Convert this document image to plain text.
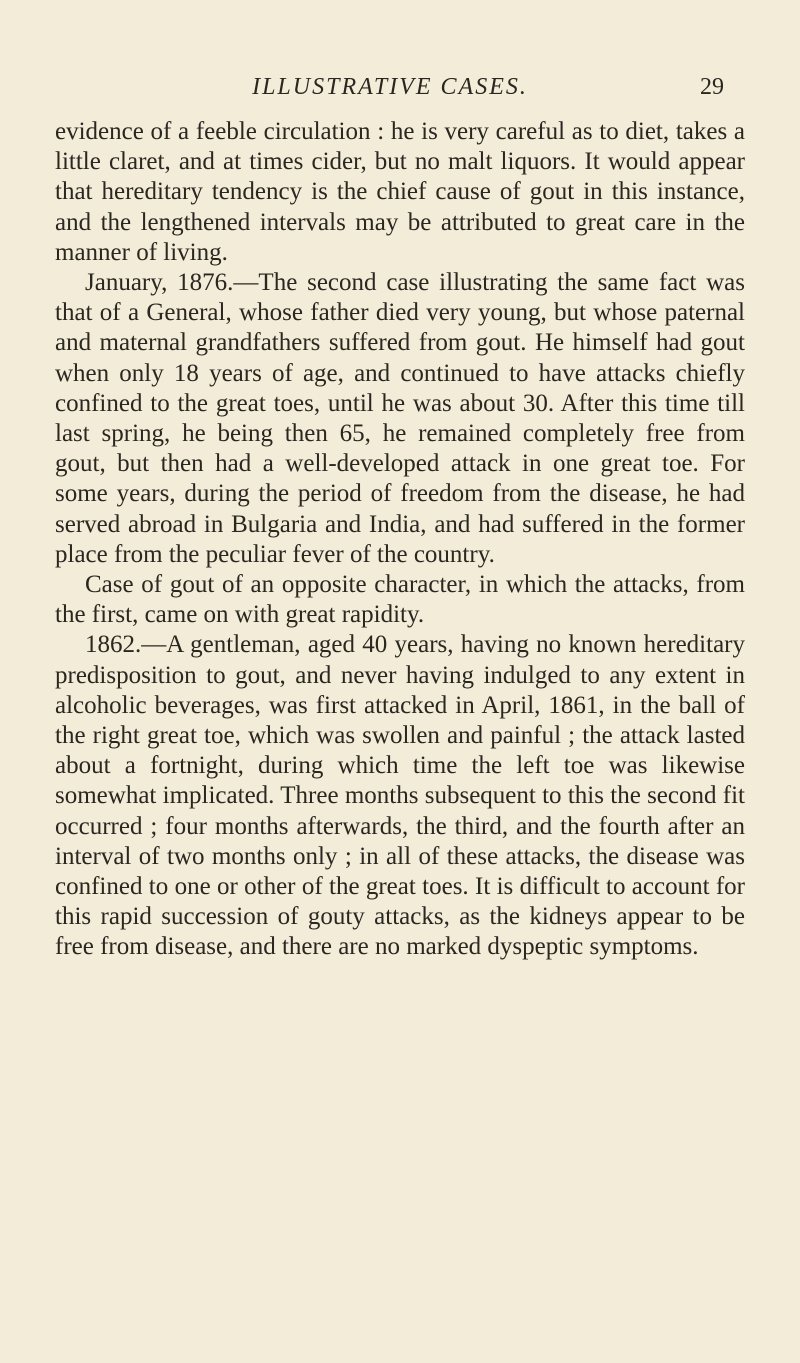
ILLUSTRATIVE CASES.	29

evidence of a feeble circulation : he is very careful as to diet, takes a little claret, and at times cider, but no malt liquors. It would appear that hereditary tendency is the chief cause of gout in this instance, and the lengthened intervals may be attributed to great care in the manner of living.

January, 1876.—The second case illustrating the same fact was that of a General, whose father died very young, but whose paternal and maternal grandfathers suffered from gout. He himself had gout when only 18 years of age, and continued to have attacks chiefly confined to the great toes, until he was about 30. After this time till last spring, he being then 65, he remained completely free from gout, but then had a well-developed attack in one great toe. For some years, during the period of freedom from the disease, he had served abroad in Bulgaria and India, and had suffered in the former place from the peculiar fever of the country.

Case of gout of an opposite character, in which the attacks, from the first, came on with great rapidity.

1862.—A gentleman, aged 40 years, having no known hereditary predisposition to gout, and never having indulged to any extent in alcoholic beverages, was first attacked in April, 1861, in the ball of the right great toe, which was swollen and painful ; the attack lasted about a fortnight, during which time the left toe was likewise somewhat implicated. Three months subsequent to this the second fit occurred ; four months afterwards, the third, and the fourth after an interval of two months only ; in all of these attacks, the disease was confined to one or other of the great toes. It is difficult to account for this rapid succession of gouty attacks, as the kidneys appear to be free from disease, and there are no marked dyspeptic symptoms.
